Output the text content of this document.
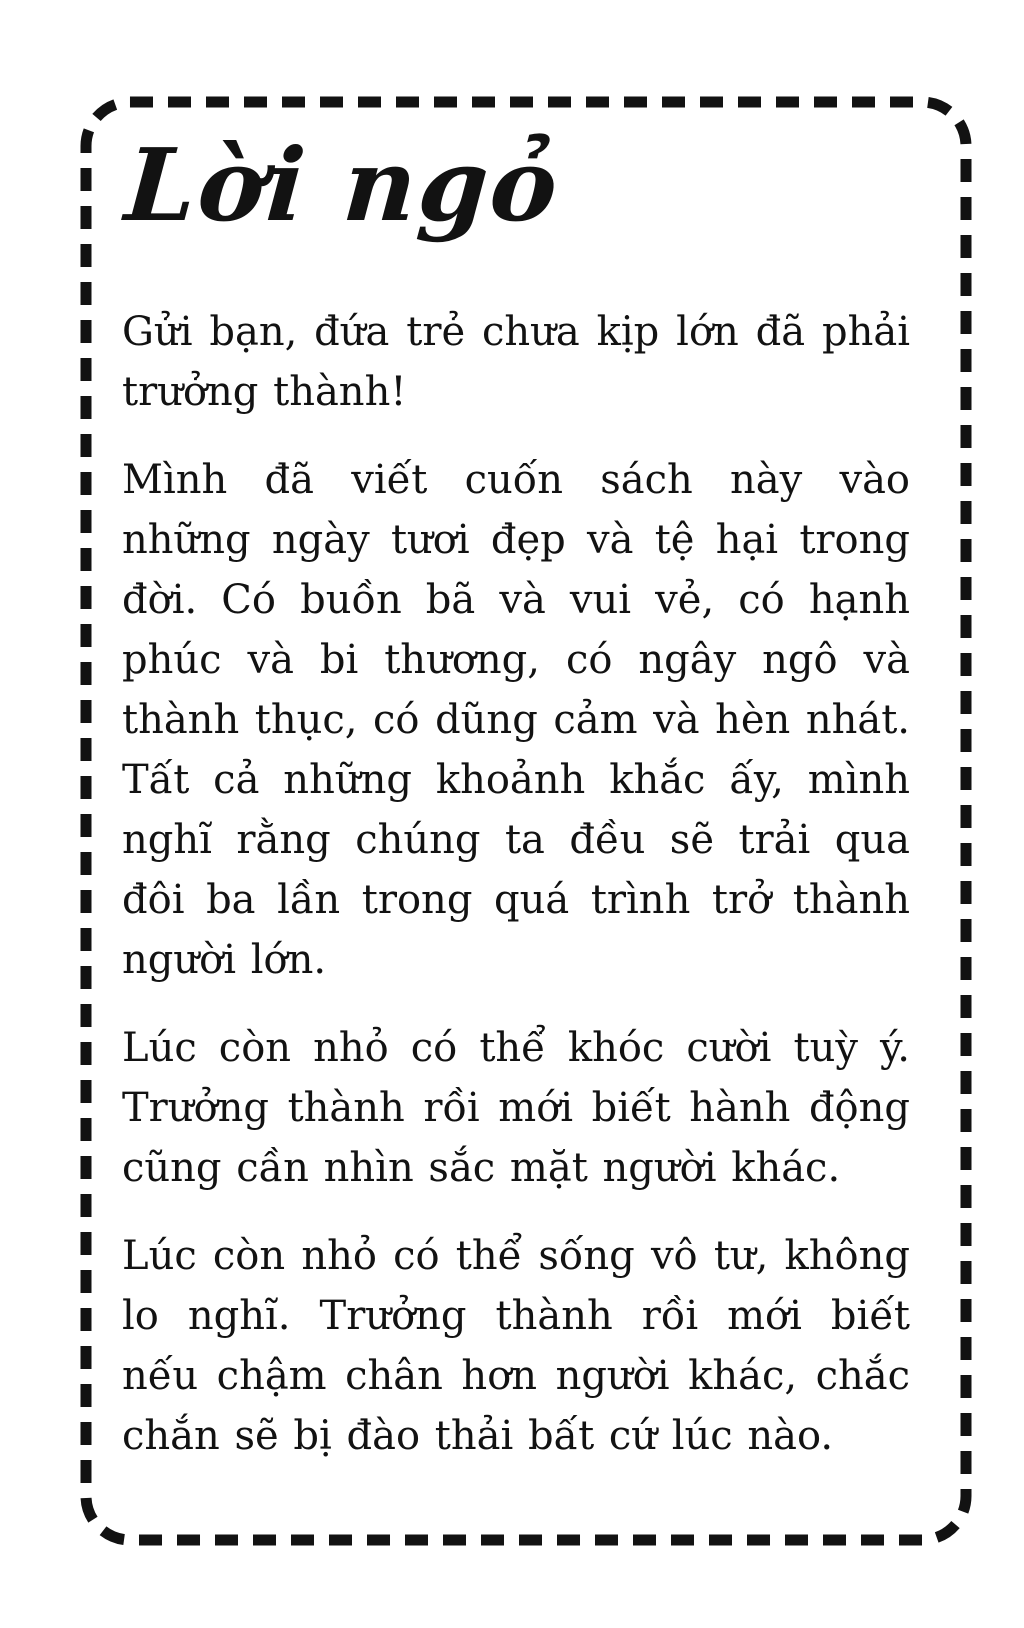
Lời ngỏ

Gửi bạn, đứa trẻ chưa kịp lớn đã phải trưởng thành!

Mình đã viết cuốn sách này vào những ngày tươi đẹp và tệ hại trong đời. Có buồn bã và vui vẻ, có hạnh phúc và bi thương, có ngây ngô và thành thục, có dũng cảm và hèn nhát. Tất cả những khoảnh khắc ấy, mình nghĩ rằng chúng ta đều sẽ trải qua đôi ba lần trong quá trình trở thành người lớn.

Lúc còn nhỏ có thể khóc cười tuỳ ý. Trưởng thành rồi mới biết hành động cũng cần nhìn sắc mặt người khác.

Lúc còn nhỏ có thể sống vô tư, không lo nghĩ. Trưởng thành rồi mới biết nếu chậm chân hơn người khác, chắc chắn sẽ bị đào thải bất cứ lúc nào.
